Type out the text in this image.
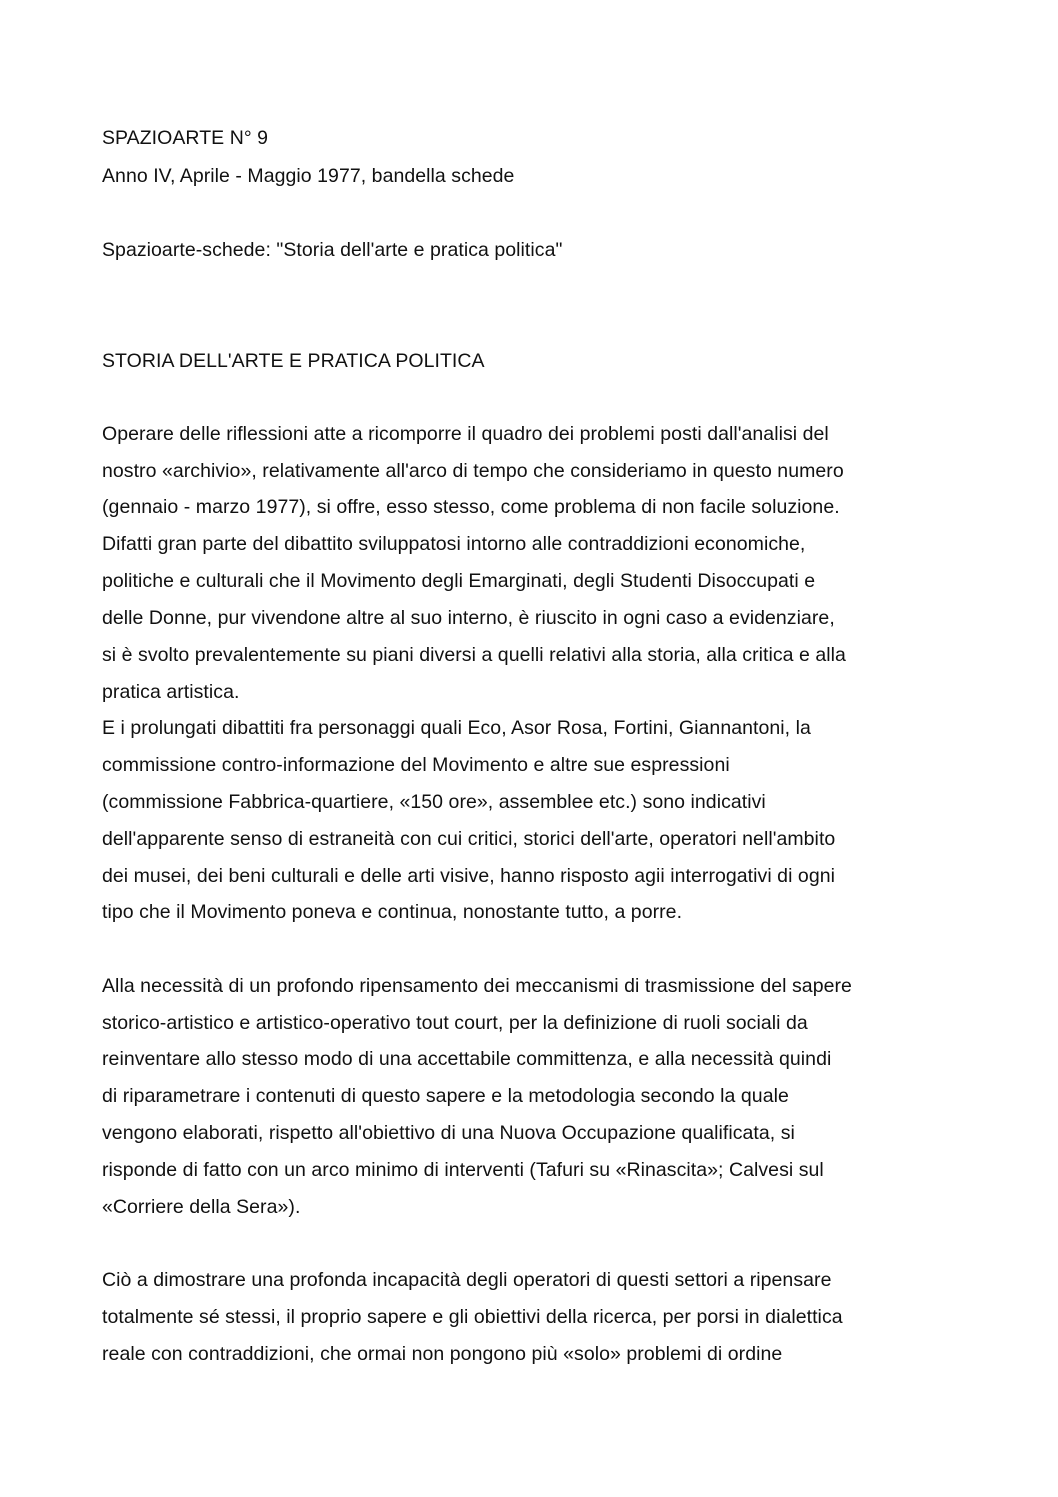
SPAZIOARTE N° 9
Anno IV, Aprile - Maggio 1977, bandella schede
Spazioarte-schede: "Storia dell'arte e pratica politica"
STORIA DELL'ARTE E PRATICA POLITICA
Operare delle riflessioni atte a ricomporre il quadro dei problemi posti dall'analisi del
nostro «archivio», relativamente all'arco di tempo che consideriamo in questo numero
(gennaio - marzo 1977), si offre, esso stesso, come problema di non facile soluzione.
Difatti gran parte del dibattito sviluppatosi intorno alle contraddizioni economiche,
politiche e culturali che il Movimento degli Emarginati, degli Studenti Disoccupati e
delle Donne, pur vivendone altre al suo interno, è riuscito in ogni caso a evidenziare,
si è svolto prevalentemente su piani diversi a quelli relativi alla storia, alla critica e alla
pratica artistica.
E i prolungati dibattiti fra personaggi quali Eco, Asor Rosa, Fortini, Giannantoni, la
commissione contro-informazione del Movimento e altre sue espressioni
(commissione Fabbrica-quartiere, «150 ore», assemblee etc.) sono indicativi
dell'apparente senso di estraneità con cui critici, storici dell'arte, operatori nell'ambito
dei musei, dei beni culturali e delle arti visive, hanno risposto agii interrogativi di ogni
tipo che il Movimento poneva e continua, nonostante tutto, a porre.
Alla necessità di un profondo ripensamento dei meccanismi di trasmissione del sapere
storico-artistico e artistico-operativo tout court, per la definizione di ruoli sociali da
reinventare allo stesso modo di una accettabile committenza, e alla necessità quindi
di riparametrare i contenuti di questo sapere e la metodologia secondo la quale
vengono elaborati, rispetto all'obiettivo di una Nuova Occupazione qualificata, si
risponde di fatto con un arco minimo di interventi (Tafuri su «Rinascita»; Calvesi sul
«Corriere della Sera»).
Ciò a dimostrare una profonda incapacità degli operatori di questi settori a ripensare
totalmente sé stessi, il proprio sapere e gli obiettivi della ricerca, per porsi in dialettica
reale con contraddizioni, che ormai non pongono più «solo» problemi di ordine
